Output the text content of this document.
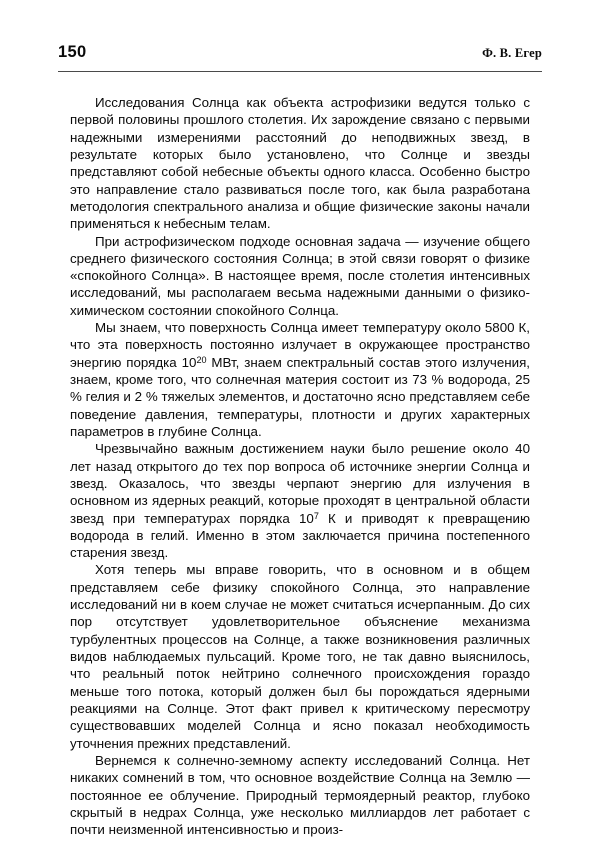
150	Ф. В. Егер

Исследования Солнца как объекта астрофизики ведутся только с первой половины прошлого столетия. Их зарождение связано с первыми надежными измерениями расстояний до неподвижных звезд, в результате которых было установлено, что Солнце и звезды представляют собой небесные объекты одного класса. Особенно быстро это направление стало развиваться после того, как была разработана методология спектрального анализа и общие физические законы начали применяться к небесным телам.

При астрофизическом подходе основная задача — изучение общего среднего физического состояния Солнца; в этой связи говорят о физике «спокойного Солнца». В настоящее время, после столетия интенсивных исследований, мы располагаем весьма надежными данными о физико-химическом состоянии спокойного Солнца.

Мы знаем, что поверхность Солнца имеет температуру около 5800 К, что эта поверхность постоянно излучает в окружающее пространство энергию порядка $10^{20}$ МВт, знаем спектральный состав этого излучения, знаем, кроме того, что солнечная материя состоит из 73 % водорода, 25 % гелия и 2 % тяжелых элементов, и достаточно ясно представляем себе поведение давления, температуры, плотности и других характерных параметров в глубине Солнца.

Чрезвычайно важным достижением науки было решение около 40 лет назад открытого до тех пор вопроса об источнике энергии Солнца и звезд. Оказалось, что звезды черпают энергию для излучения в основном из ядерных реакций, которые проходят в центральной области звезд при температурах порядка $10^7$ К и приводят к превращению водорода в гелий. Именно в этом заключается причина постепенного старения звезд.

Хотя теперь мы вправе говорить, что в основном и в общем представляем себе физику спокойного Солнца, это направление исследований ни в коем случае не может считаться исчерпанным. До сих пор отсутствует удовлетворительное объяснение механизма турбулентных процессов на Солнце, а также возникновения различных видов наблюдаемых пульсаций. Кроме того, не так давно выяснилось, что реальный поток нейтрино солнечного происхождения гораздо меньше того потока, который должен был бы порождаться ядерными реакциями на Солнце. Этот факт привел к критическому пересмотру существовавших моделей Солнца и ясно показал необходимость уточнения прежних представлений.

Вернемся к солнечно-земному аспекту исследований Солнца. Нет никаких сомнений в том, что основное воздействие Солнца на Землю — постоянное ее облучение. Природный термоядерный реактор, глубоко скрытый в недрах Солнца, уже несколько миллиардов лет работает с почти неизменной интенсивностью и произ-
